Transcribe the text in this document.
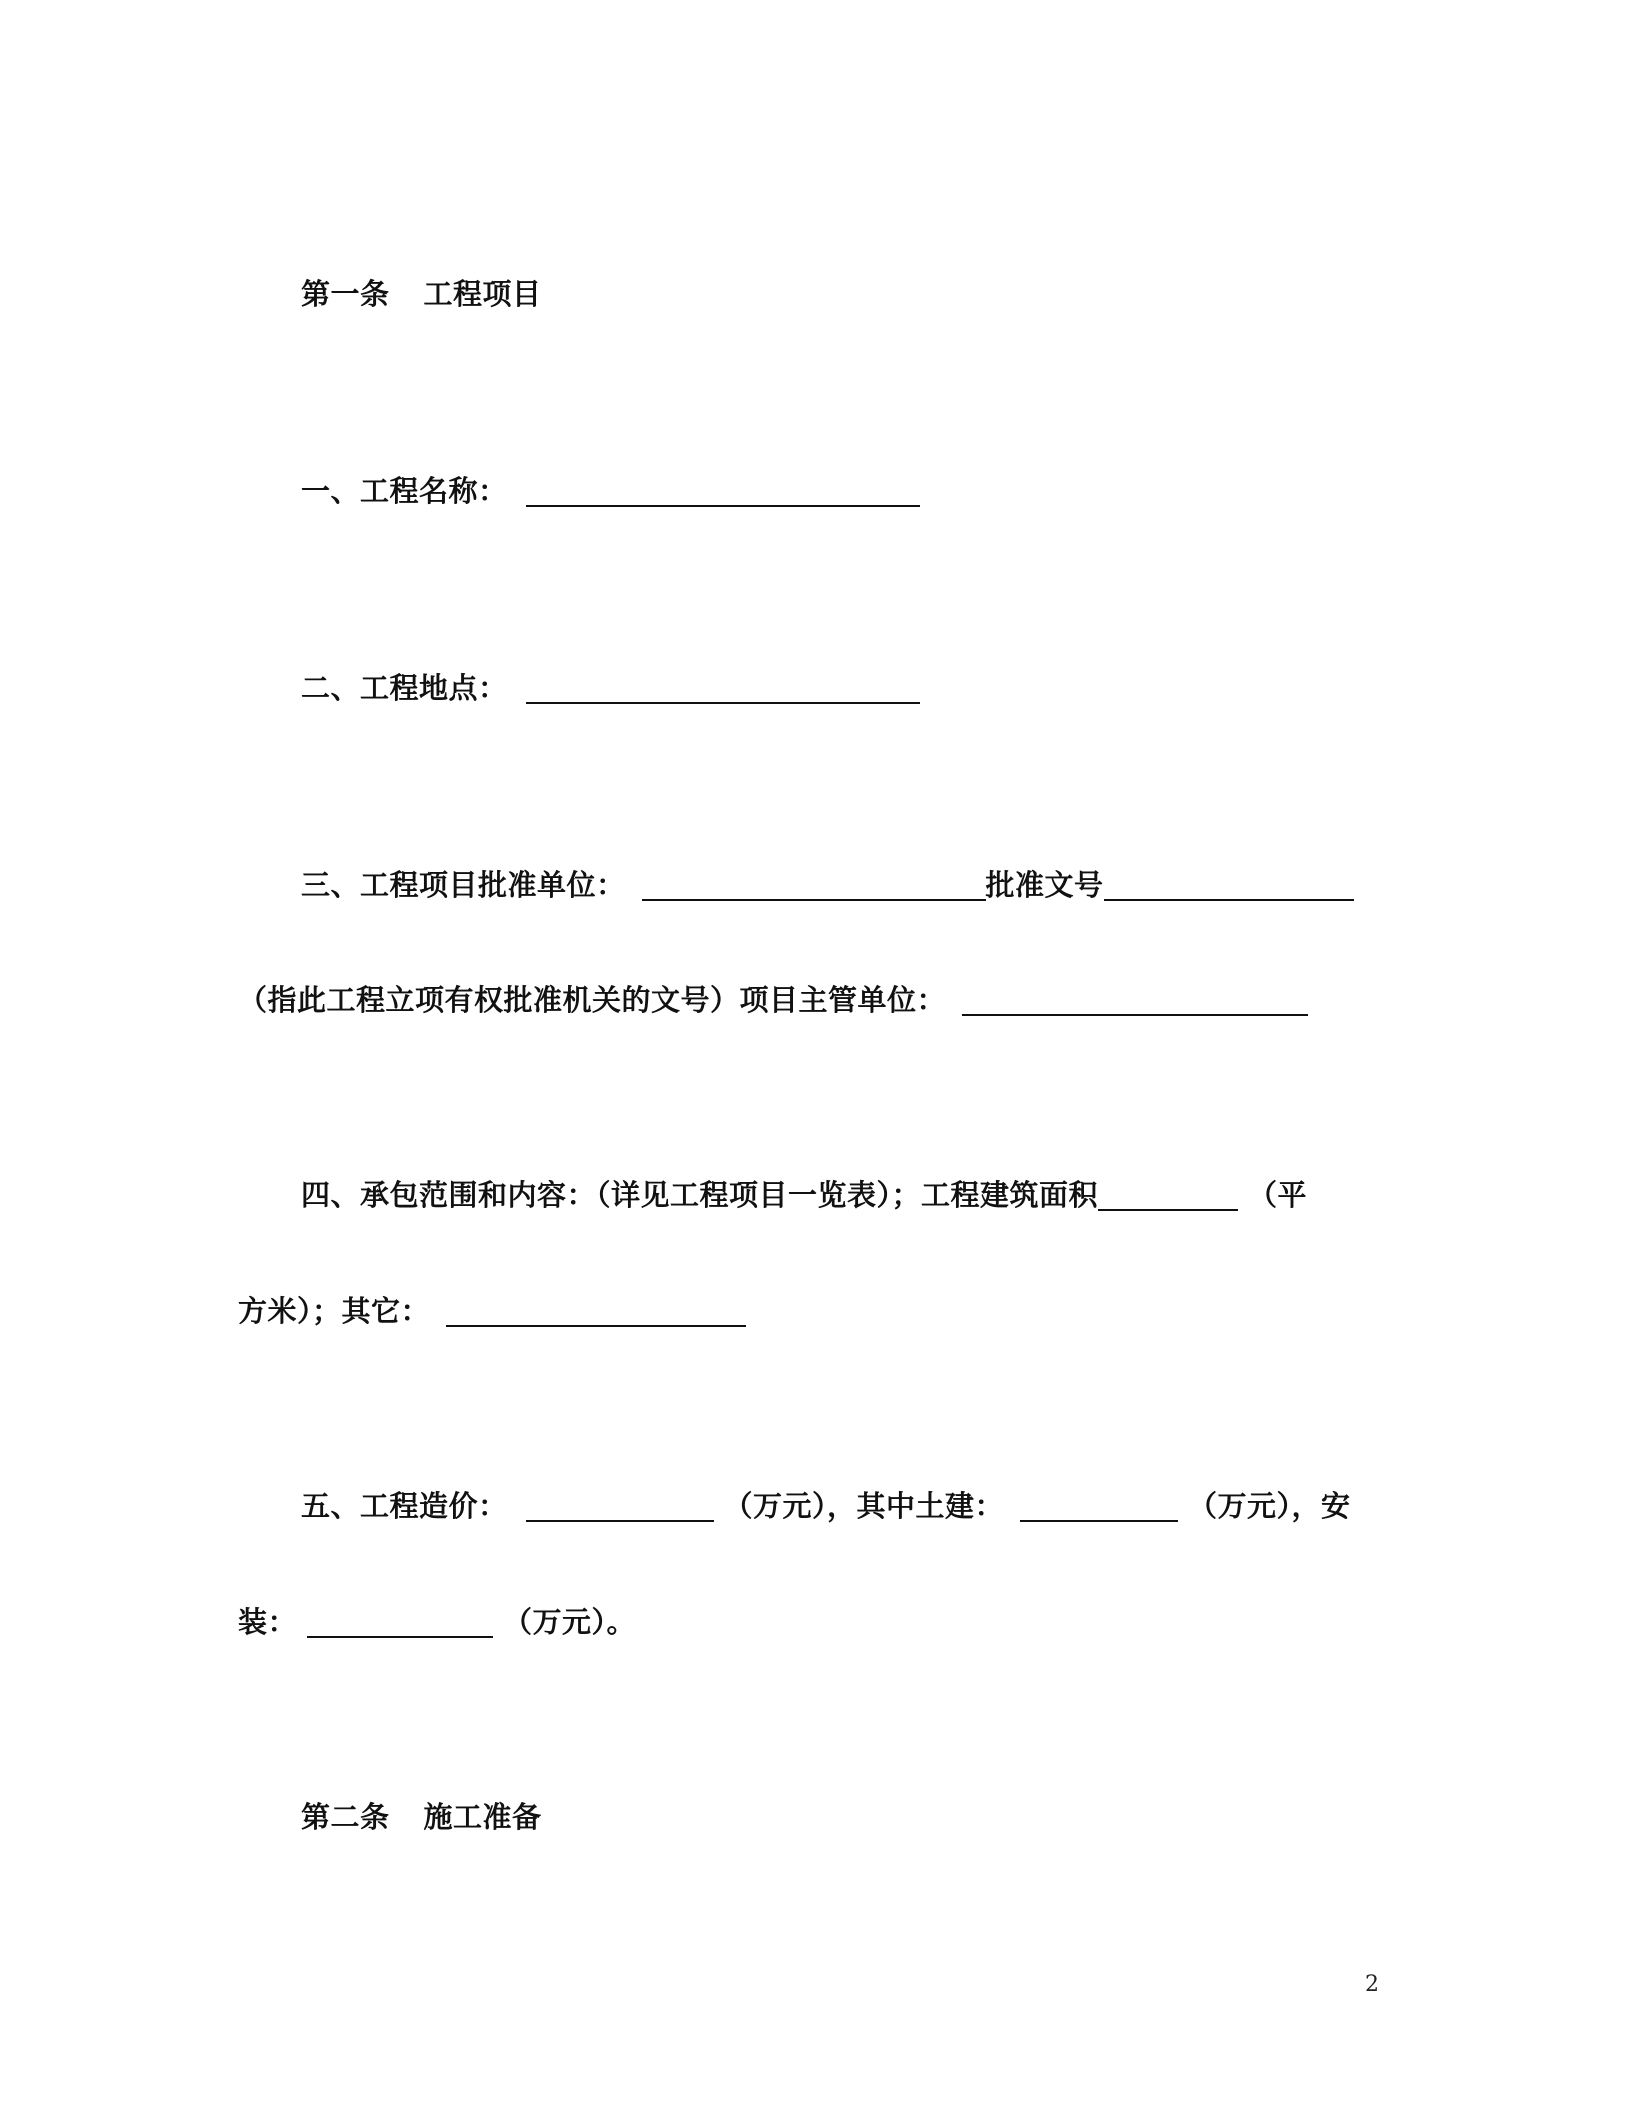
第一条 工程项目
一、工程名称：
二、工程地点：
三、工程项目批准单位：	批准文号
（指此工程立项有权批准机关的文号）项目主管单位：
四、承包范围和内容：（详见工程项目一览表）；工程建筑面积	（平
方米）；其它：
五、工程造价：	（万元），其中土建：	（万元），安
装：	（万元）。
第二条 施工准备
2
